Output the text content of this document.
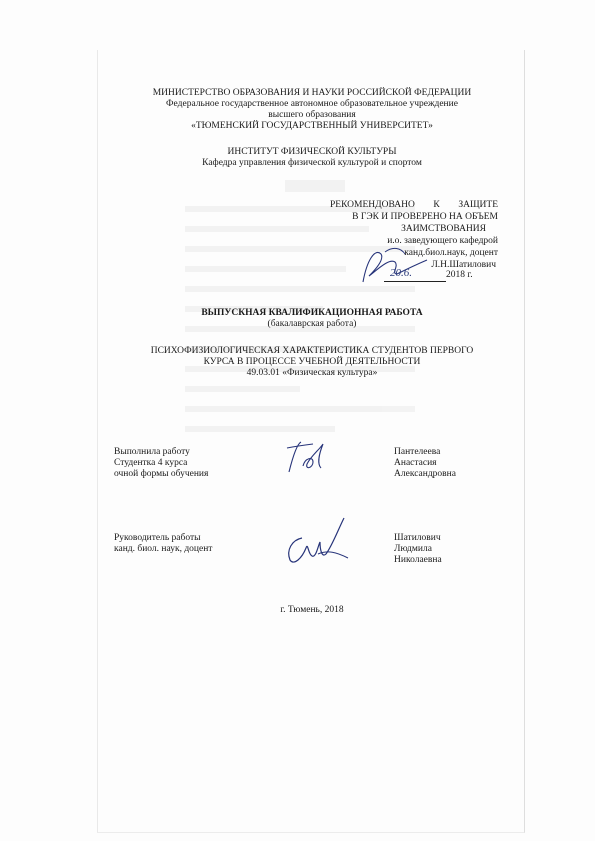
МИНИСТЕРСТВО ОБРАЗОВАНИЯ И НАУКИ РОССИЙСКОЙ ФЕДЕРАЦИИ
Федеральное государственное автономное образовательное учреждение
высшего образования
«ТЮМЕНСКИЙ ГОСУДАРСТВЕННЫЙ УНИВЕРСИТЕТ»
ИНСТИТУТ ФИЗИЧЕСКОЙ КУЛЬТУРЫ
Кафедра управления физической культурой и спортом
РЕКОМЕНДОВАНО К ЗАЩИТЕ
В ГЭК И ПРОВЕРЕНО НА ОБЪЕМ
ЗАИМСТВОВАНИЯ
и.о. заведующего кафедрой
канд.биол.наук, доцент
Л.Н.Шатилович
20.6.	2018 г.
ВЫПУСКНАЯ КВАЛИФИКАЦИОННАЯ РАБОТА
(бакалаврская работа)
ПСИХОФИЗИОЛОГИЧЕСКАЯ ХАРАКТЕРИСТИКА СТУДЕНТОВ ПЕРВОГО
КУРСА В ПРОЦЕССЕ УЧЕБНОЙ ДЕЯТЕЛЬНОСТИ
49.03.01 «Физическая культура»
Выполнила работу
Студентка 4 курса
очной формы обучения
Пантелеева
Анастасия
Александровна
Руководитель работы
канд. биол. наук, доцент
Шатилович
Людмила
Николаевна
г. Тюмень, 2018
